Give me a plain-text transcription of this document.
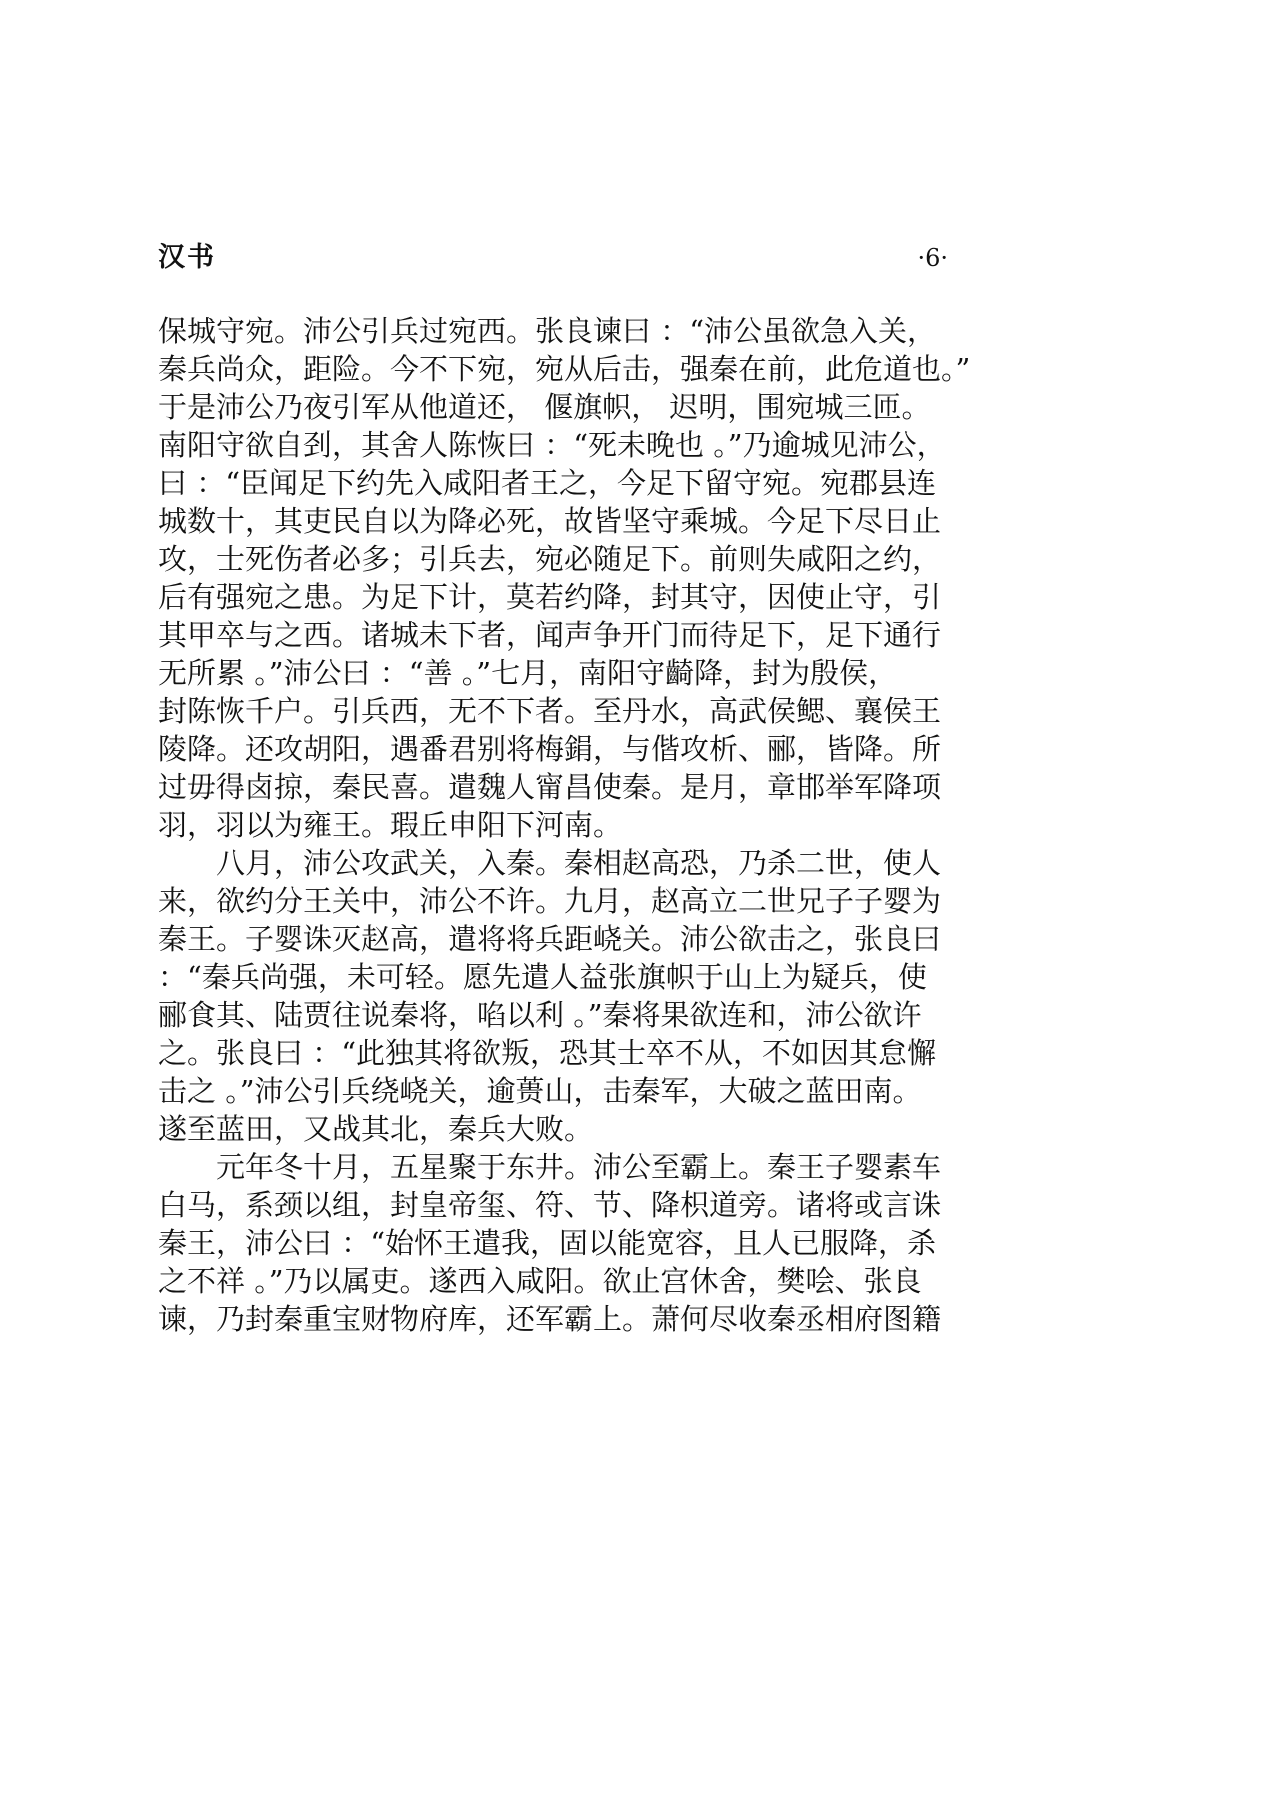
汉书	·6·
保城守宛。沛公引兵过宛西。张良谏曰 ：“沛公虽欲急入关，
秦兵尚众，距险。今不下宛，宛从后击，强秦在前，此危道也。”
于是沛公乃夜引军从他道还， 偃旗帜， 迟明，围宛城三匝。
南阳守欲自刭，其舍人陈恢曰 ：“死未晚也 。”乃逾城见沛公，
曰 ：“臣闻足下约先入咸阳者王之，今足下留守宛。宛郡县连
城数十，其吏民自以为降必死，故皆坚守乘城。今足下尽日止
攻，士死伤者必多；引兵去，宛必随足下。前则失咸阳之约，
后有强宛之患。为足下计，莫若约降，封其守，因使止守，引
其甲卒与之西。诸城未下者，闻声争开门而待足下，足下通行
无所累 。”沛公曰 ：“善 。”七月，南阳守齮降，封为殷侯，
封陈恢千户。引兵西，无不下者。至丹水，高武侯鳃、襄侯王
陵降。还攻胡阳，遇番君别将梅鋗，与偕攻析、郦，皆降。所
过毋得卤掠，秦民喜。遣魏人甯昌使秦。是月，章邯举军降项
羽，羽以为雍王。瑕丘申阳下河南。
八月，沛公攻武关，入秦。秦相赵高恐，乃杀二世，使人
来，欲约分王关中，沛公不许。九月，赵高立二世兄子子婴为
秦王。子婴诛灭赵高，遣将将兵距峣关。沛公欲击之，张良曰
：“秦兵尚强，未可轻。愿先遣人益张旗帜于山上为疑兵，使
郦食其、陆贾往说秦将，啗以利 。”秦将果欲连和，沛公欲许
之。张良曰 ：“此独其将欲叛，恐其士卒不从，不如因其怠懈
击之 。”沛公引兵绕峣关，逾蒉山，击秦军，大破之蓝田南。
遂至蓝田，又战其北，秦兵大败。
元年冬十月，五星聚于东井。沛公至霸上。秦王子婴素车
白马，系颈以组，封皇帝玺、符、节、降枳道旁。诸将或言诛
秦王，沛公曰 ：“始怀王遣我，固以能宽容，且人已服降，杀
之不祥 。”乃以属吏。遂西入咸阳。欲止宫休舍，樊哙、张良
谏，乃封秦重宝财物府库，还军霸上。萧何尽收秦丞相府图籍
